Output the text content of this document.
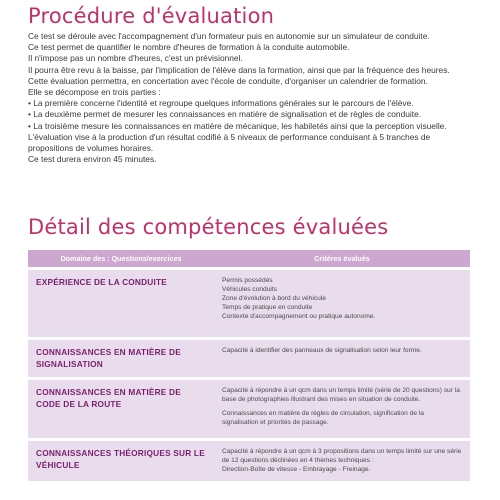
Procédure d'évaluation

Ce test se déroule avec l'accompagnement d'un formateur puis en autonomie sur un simulateur de conduite.

Ce test permet de quantifier le nombre d'heures de formation à la conduite automobile.

Il n'impose pas un nombre d'heures, c'est un prévisionnel.

Il pourra être revu à la baisse, par l'implication de l'élève dans la formation, ainsi que par la fréquence des heures.

Cette évaluation permettra, en concertation avec l'école de conduite, d'organiser un calendrier de formation.

Elle se décompose en trois parties :

• La première concerne l'identité et regroupe quelques informations générales sur le parcours de l'élève.
• La deuxième permet de mesurer les connaissances en matière de signalisation et de règles de conduite.
• La troisième mesure les connaissances en matière de mécanique, les habiletés ainsi que la perception visuelle.

L'évaluation vise à la production d'un résultat codifié à 5 niveaux de performance conduisant à 5 tranches de propositions de volumes horaires.

Ce test durera environ 45 minutes.

Détail des compétences évaluées
Domaine des : Questions/exercices	Critères évalués
EXPÉRIENCE DE LA CONDUITE	Permis possédés
Véhicules conduits
Zone d'évolution à bord du véhicule
Temps de pratique en conduite
Contexte d'accompagnement ou pratique autonome.

CONNAISSANCES EN MATIÈRE DE SIGNALISATION	Capacité à identifier des panneaux de signalisation selon leur forme.

CONNAISSANCES EN MATIÈRE DE CODE DE LA ROUTE	Capacité à répondre à un qcm dans un temps limité (série de 20 questions) sur la base de photographies illustrant des mises en situation de conduite.
Connaissances en matière de règles de circulation, signification de la signalisation et priorités de passage.

CONNAISSANCES THÉORIQUES SUR LE VÉHICULE	Capacité à répondre à un qcm à 3 propositions dans un temps limité sur une série de 12 questions déclinées en 4 thèmes techniques :
Direction-Boîte de vitesse - Embrayage - Freinage.
